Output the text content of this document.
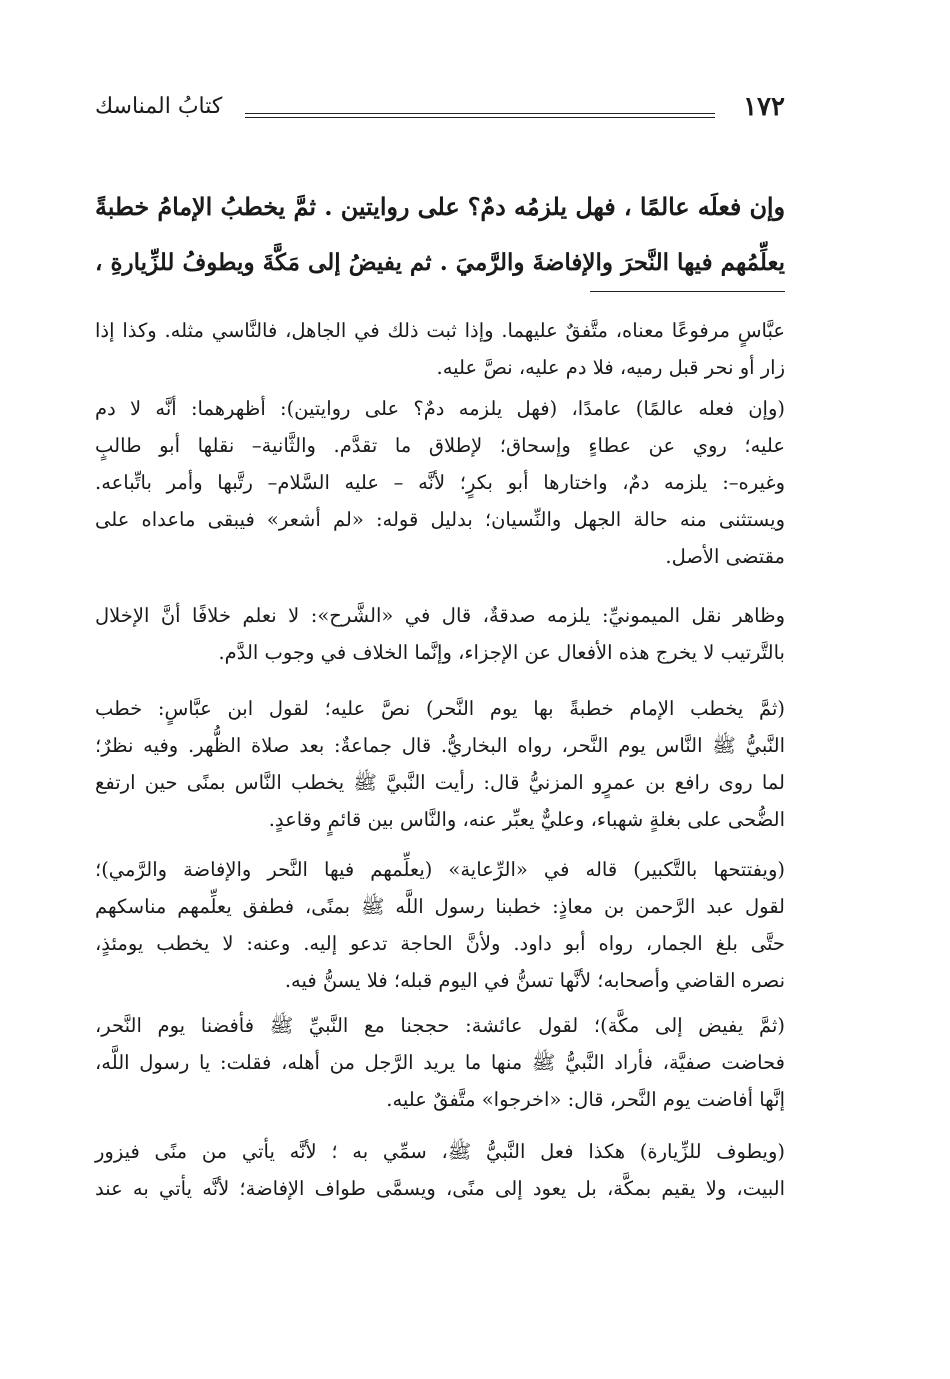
١٧٢
كتابُ المناسك

وإن فعلَه عالمًا ، فهل يلزمُه دمٌ؟ على روايتين . ثمَّ يخطبُ الإمامُ خطبةً

يعلِّمُهم فيها النَّحرَ والإفاضةَ والرَّميَ . ثم يفيضُ إلى مَكَّةَ ويطوفُ للزِّيارةِ ،

عبَّاسٍ مرفوعًا معناه، متَّفقٌ عليهما. وإذا ثبت ذلك في الجاهل، فالنَّاسي مثله. وكذا إذا
زار أو نحر قبل رميه، فلا دم عليه، نصَّ عليه.
(وإن فعله عالمًا) عامدًا، (فهل يلزمه دمٌ؟ على روايتين): أظهرهما: أنَّه لا دم
عليه؛ روي عن عطاءٍ وإسحاق؛ لإطلاق ما تقدَّم. والثَّانية– نقلها أبو طالبٍ
وغيره–: يلزمه دمٌ، واختارها أبو بكرٍ؛ لأنَّه – عليه السَّلام– رتَّبها وأمر باتِّباعه.
ويستثنى منه حالة الجهل والنِّسيان؛ بدليل قوله: «لم أشعر» فيبقى ماعداه على
مقتضى الأصل.
وظاهر نقل الميمونيِّ: يلزمه صدقةٌ، قال في «الشَّرح»: لا نعلم خلافًا أنَّ الإخلال
بالتَّرتيب لا يخرج هذه الأفعال عن الإجزاء، وإنَّما الخلاف في وجوب الدَّم.
(ثمَّ يخطب الإمام خطبةً بها يوم النَّحر) نصَّ عليه؛ لقول ابن عبَّاسٍ: خطب
النَّبيُّ ﷺ النَّاس يوم النَّحر، رواه البخاريُّ. قال جماعةٌ: بعد صلاة الظُّهر. وفيه نظرٌ؛
لما روى رافع بن عمرٍو المزنيُّ قال: رأيت النَّبيَّ ﷺ يخطب النَّاس بمنًى حين ارتفع
الضُّحى على بغلةٍ شهباء، وعليٌّ يعبِّر عنه، والنَّاس بين قائمٍ وقاعدٍ.
(ويفتتحها بالتَّكبير) قاله في «الرِّعاية» (يعلِّمهم فيها النَّحر والإفاضة والرَّمي)؛
لقول عبد الرَّحمن بن معاذٍ: خطبنا رسول اللَّه ﷺ بمنًى، فطفق يعلِّمهم مناسكهم
حتَّى بلغ الجمار، رواه أبو داود. ولأنَّ الحاجة تدعو إليه. وعنه: لا يخطب يومئذٍ،
نصره القاضي وأصحابه؛ لأنَّها تسنُّ في اليوم قبله؛ فلا يسنُّ فيه.
(ثمَّ يفيض إلى مكَّة)؛ لقول عائشة: حججنا مع النَّبيِّ ﷺ فأفضنا يوم النَّحر،
فحاضت صفيَّة، فأراد النَّبيُّ ﷺ منها ما يريد الرَّجل من أهله، فقلت: يا رسول اللَّه،
إنَّها أفاضت يوم النَّحر، قال: «اخرجوا» متَّفقٌ عليه.
(ويطوف للزِّيارة) هكذا فعل النَّبيُّ ﷺ، سمِّي به ؛ لأنَّه يأتي من منًى فيزور
البيت، ولا يقيم بمكَّة، بل يعود إلى منًى، ويسمَّى طواف الإفاضة؛ لأنَّه يأتي به عند
